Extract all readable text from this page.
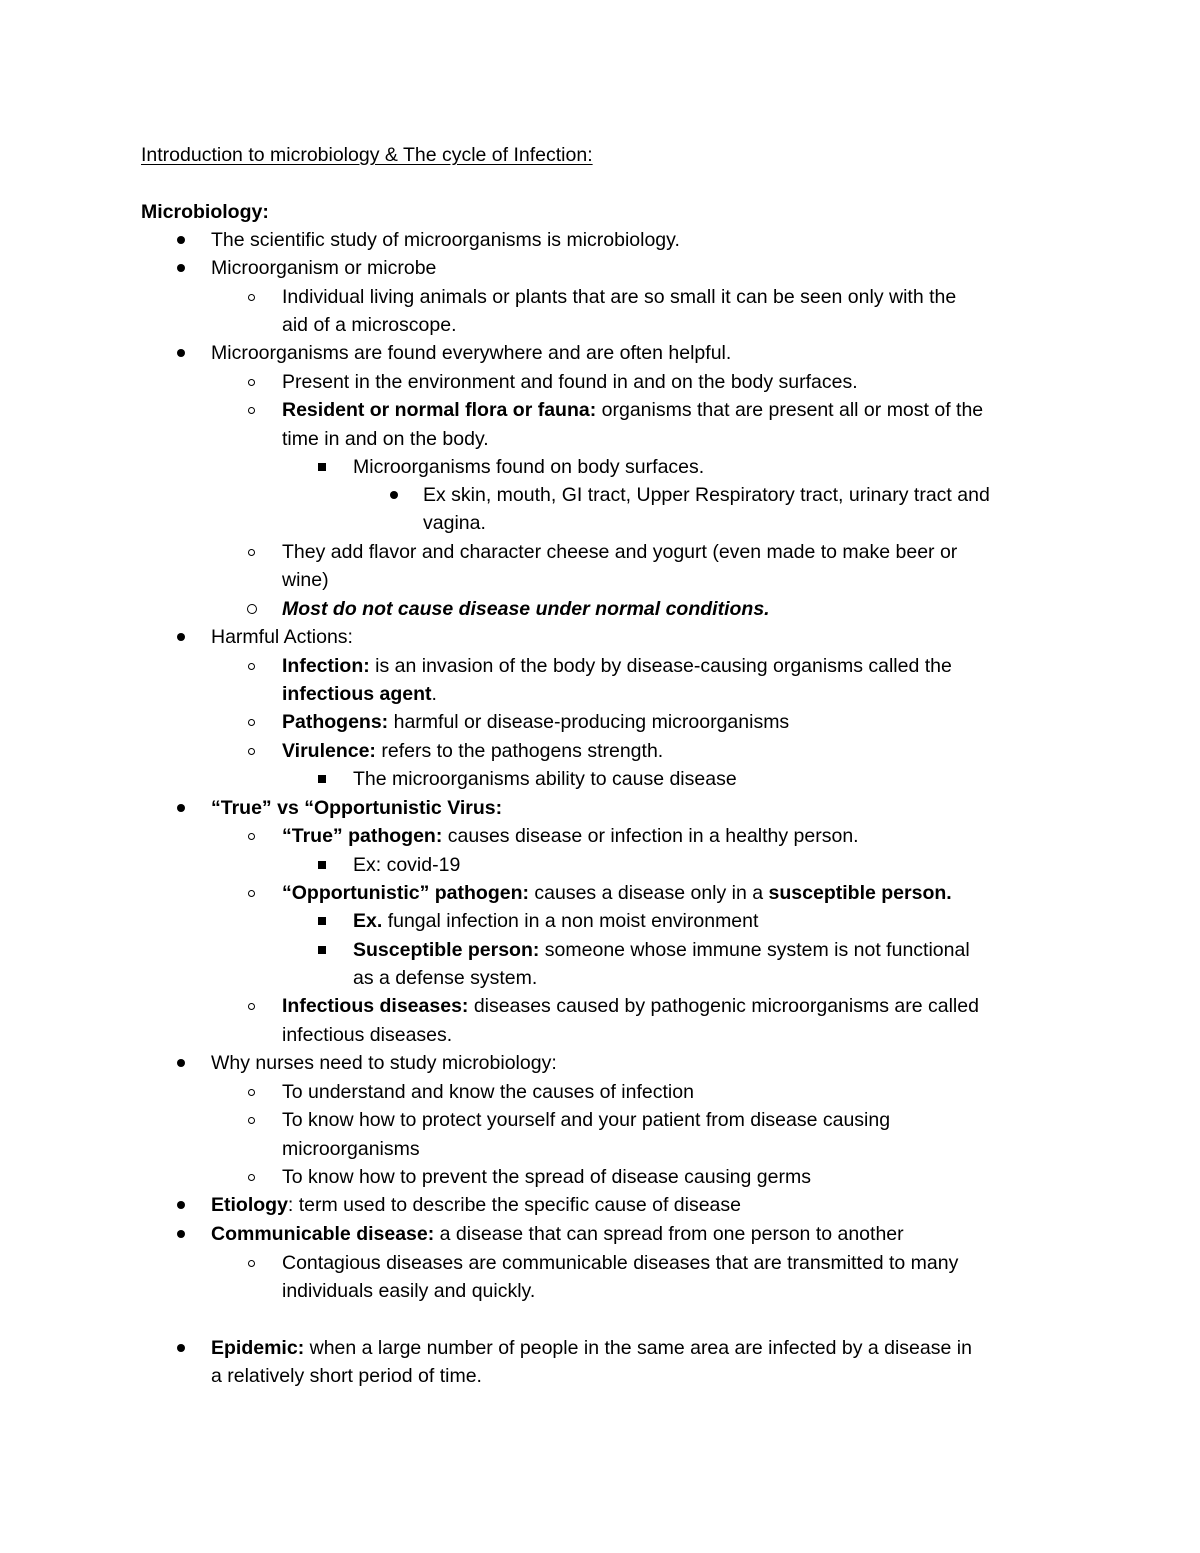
Introduction to microbiology & The cycle of Infection:
Microbiology:
The scientific study of microorganisms is microbiology.
Microorganism or microbe
Individual living animals or plants that are so small it can be seen only with the
aid of a microscope.
Microorganisms are found everywhere and are often helpful.
Present in the environment and found in and on the body surfaces.
Resident or normal flora or fauna: organisms that are present all or most of the
time in and on the body.
Microorganisms found on body surfaces.
Ex skin, mouth, GI tract, Upper Respiratory tract, urinary tract and
vagina.
They add flavor and character cheese and yogurt (even made to make beer or
wine)
Most do not cause disease under normal conditions.
Harmful Actions:
Infection: is an invasion of the body by disease-causing organisms called the
infectious agent.
Pathogens: harmful or disease-producing microorganisms
Virulence: refers to the pathogens strength.
The microorganisms ability to cause disease
“True” vs “Opportunistic Virus:
“True” pathogen: causes disease or infection in a healthy person.
Ex: covid-19
“Opportunistic” pathogen: causes a disease only in a susceptible person.
Ex. fungal infection in a non moist environment
Susceptible person: someone whose immune system is not functional
as a defense system.
Infectious diseases: diseases caused by pathogenic microorganisms are called
infectious diseases.
Why nurses need to study microbiology:
To understand and know the causes of infection
To know how to protect yourself and your patient from disease causing
microorganisms
To know how to prevent the spread of disease causing germs
Etiology: term used to describe the specific cause of disease
Communicable disease: a disease that can spread from one person to another
Contagious diseases are communicable diseases that are transmitted to many
individuals easily and quickly.
Epidemic: when a large number of people in the same area are infected by a disease in
a relatively short period of time.
